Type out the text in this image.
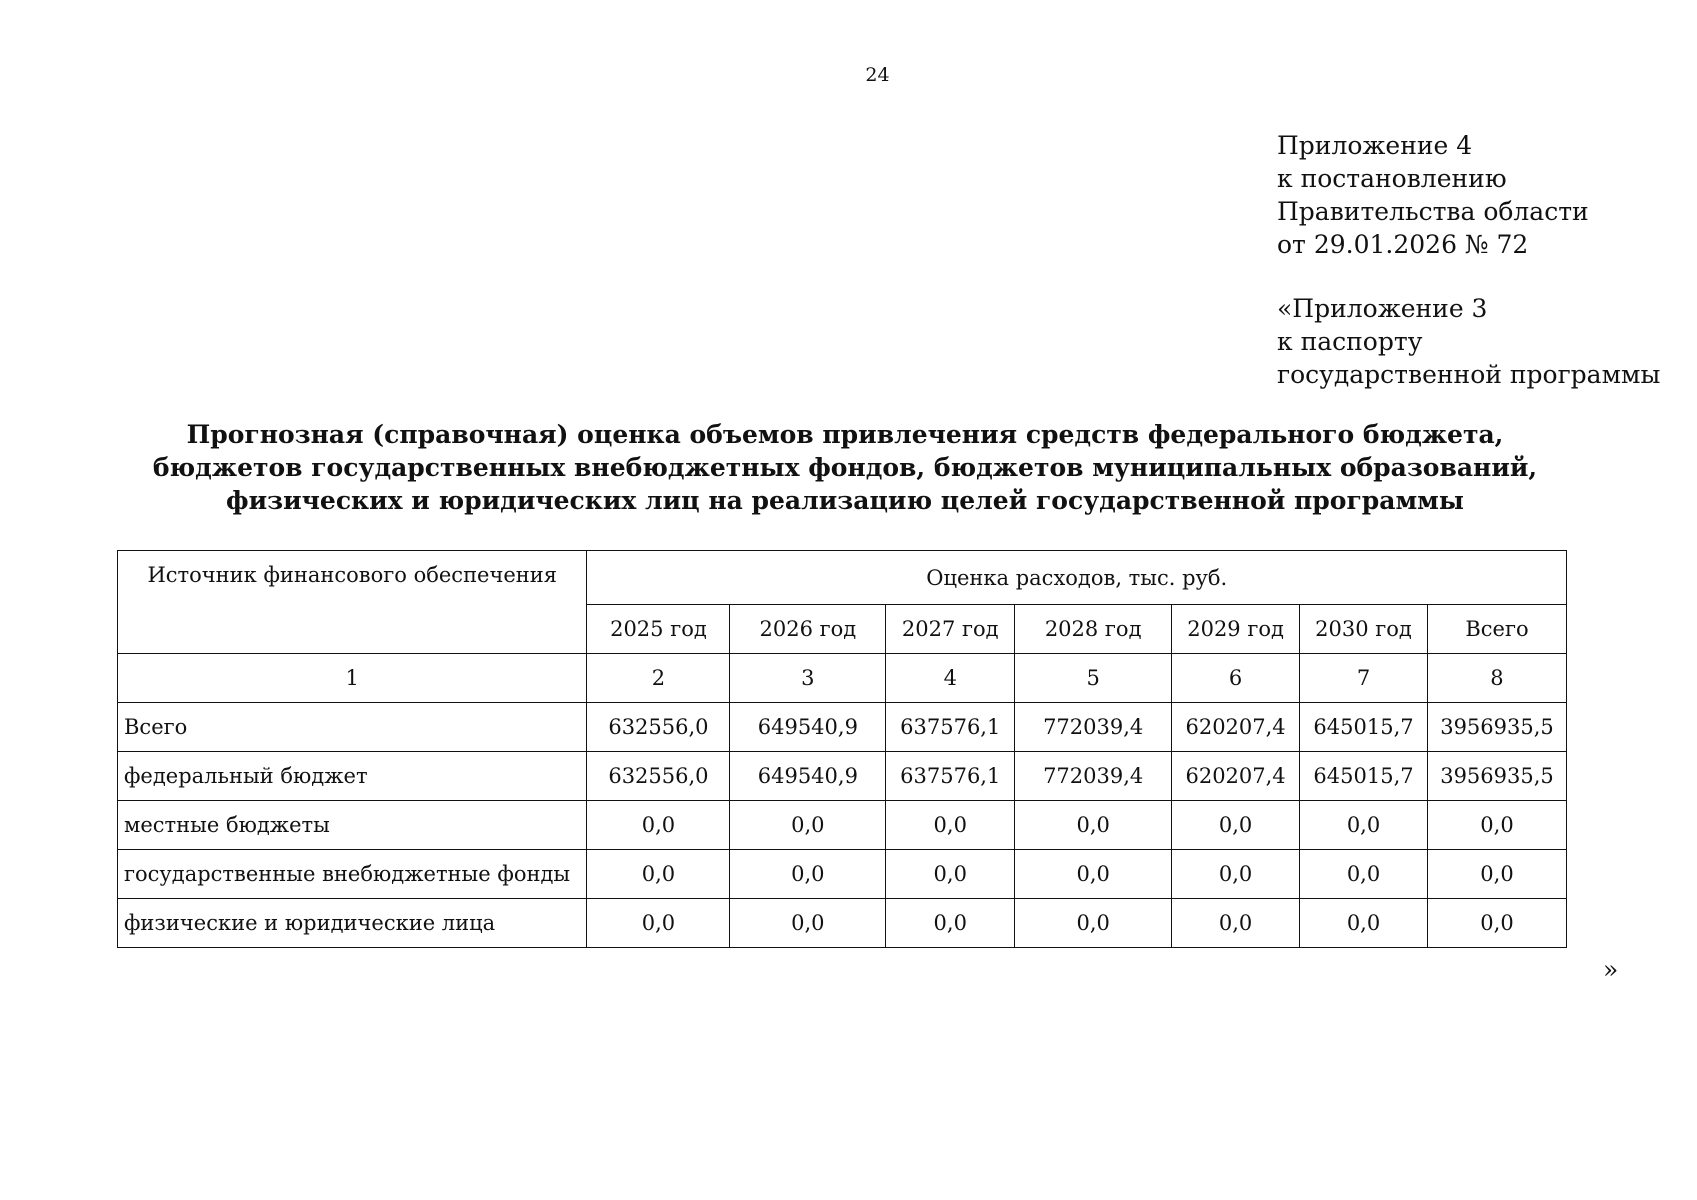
24
Приложение 4
к постановлению
Правительства области
от 29.01.2026 № 72
«Приложение 3
к паспорту
государственной программы
Прогнозная (справочная) оценка объемов привлечения средств федерального бюджета,
бюджетов государственных внебюджетных фондов, бюджетов муниципальных образований,
физических и юридических лиц на реализацию целей государственной программы
Источник финансового обеспечения	Оценка расходов, тыс. руб.						
	2025 год	2026 год	2027 год	2028 год	2029 год	2030 год	Всего
1	2	3	4	5	6	7	8
Всего	632556,0	649540,9	637576,1	772039,4	620207,4	645015,7	3956935,5
федеральный бюджет	632556,0	649540,9	637576,1	772039,4	620207,4	645015,7	3956935,5
местные бюджеты	0,0	0,0	0,0	0,0	0,0	0,0	0,0
государственные внебюджетные фонды	0,0	0,0	0,0	0,0	0,0	0,0	0,0
физические и юридические лица	0,0	0,0	0,0	0,0	0,0	0,0	0,0
»
